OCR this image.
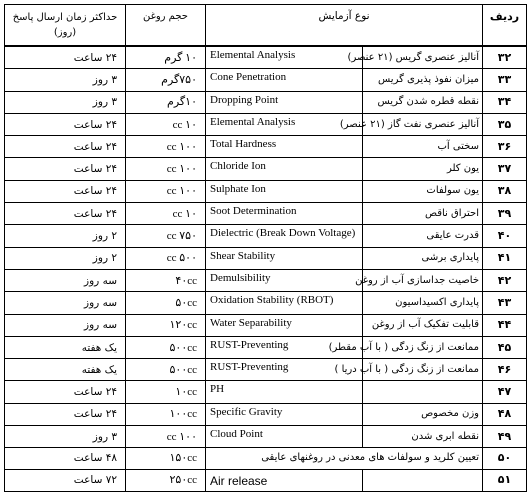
ردیف	نوع آزمایش		حجم روغن	حداکثر زمان ارسال پاسخ (روز)
۳۲	آنالیز عنصری گریس (۲۱ عنصر)	Elemental Analysis	۱۰ گرم	۲۴ ساعت
۳۳	میزان نفوذ پذیری گریس	Cone Penetration	۷۵۰گرم	۳ روز
۳۴	نقطه قطره شدن گریس	Dropping Point	۱۰گرم	۳ روز
۳۵	آنالیز عنصری نفت گاز (۲۱ عنصر)	Elemental Analysis	۱۰ cc	۲۴ ساعت
۳۶	سختی آب	Total Hardness	۱۰۰ cc	۲۴ ساعت
۳۷	یون کلر	Chloride Ion	۱۰۰ cc	۲۴ ساعت
۳۸	یون سولفات	Sulphate Ion	۱۰۰ cc	۲۴ ساعت
۳۹	احتراق ناقص	Soot Determination	۱۰ cc	۲۴ ساعت
۴۰	قدرت عایقی	Dielectric (Break Down Voltage)	۷۵۰ cc	۲ روز
۴۱	پایداری برشی	Shear Stability	۵۰۰ cc	۲ روز
۴۲	خاصیت جداسازی آب از روغن	Demulsibility	۴۰cc	سه روز
۴۳	پایداری اکسیداسیون	Oxidation Stability (RBOT)	۵۰cc	سه روز
۴۴	قابلیت تفکیک آب از روغن	Water Separability	۱۲۰cc	سه روز
۴۵	ممانعت از زنگ زدگی ( با آب مقطر)	RUST-Preventing	۵۰۰cc	یک هفته
۴۶	ممانعت از زنگ زدگی ( با آب دریا )	RUST-Preventing	۵۰۰cc	یک هفته
۴۷		PH	۱۰cc	۲۴ ساعت
۴۸	وزن مخصوص	Specific Gravity	۱۰۰cc	۲۴ ساعت
۴۹	نقطه ابری شدن	Cloud Point	۱۰۰ cc	۳ روز
۵۰	تعیین کلرید و سولفات های معدنی در روغنهای عایقی		۱۵۰cc	۴۸ ساعت
۵۱		Air release	۲۵۰cc	۷۲ ساعت
